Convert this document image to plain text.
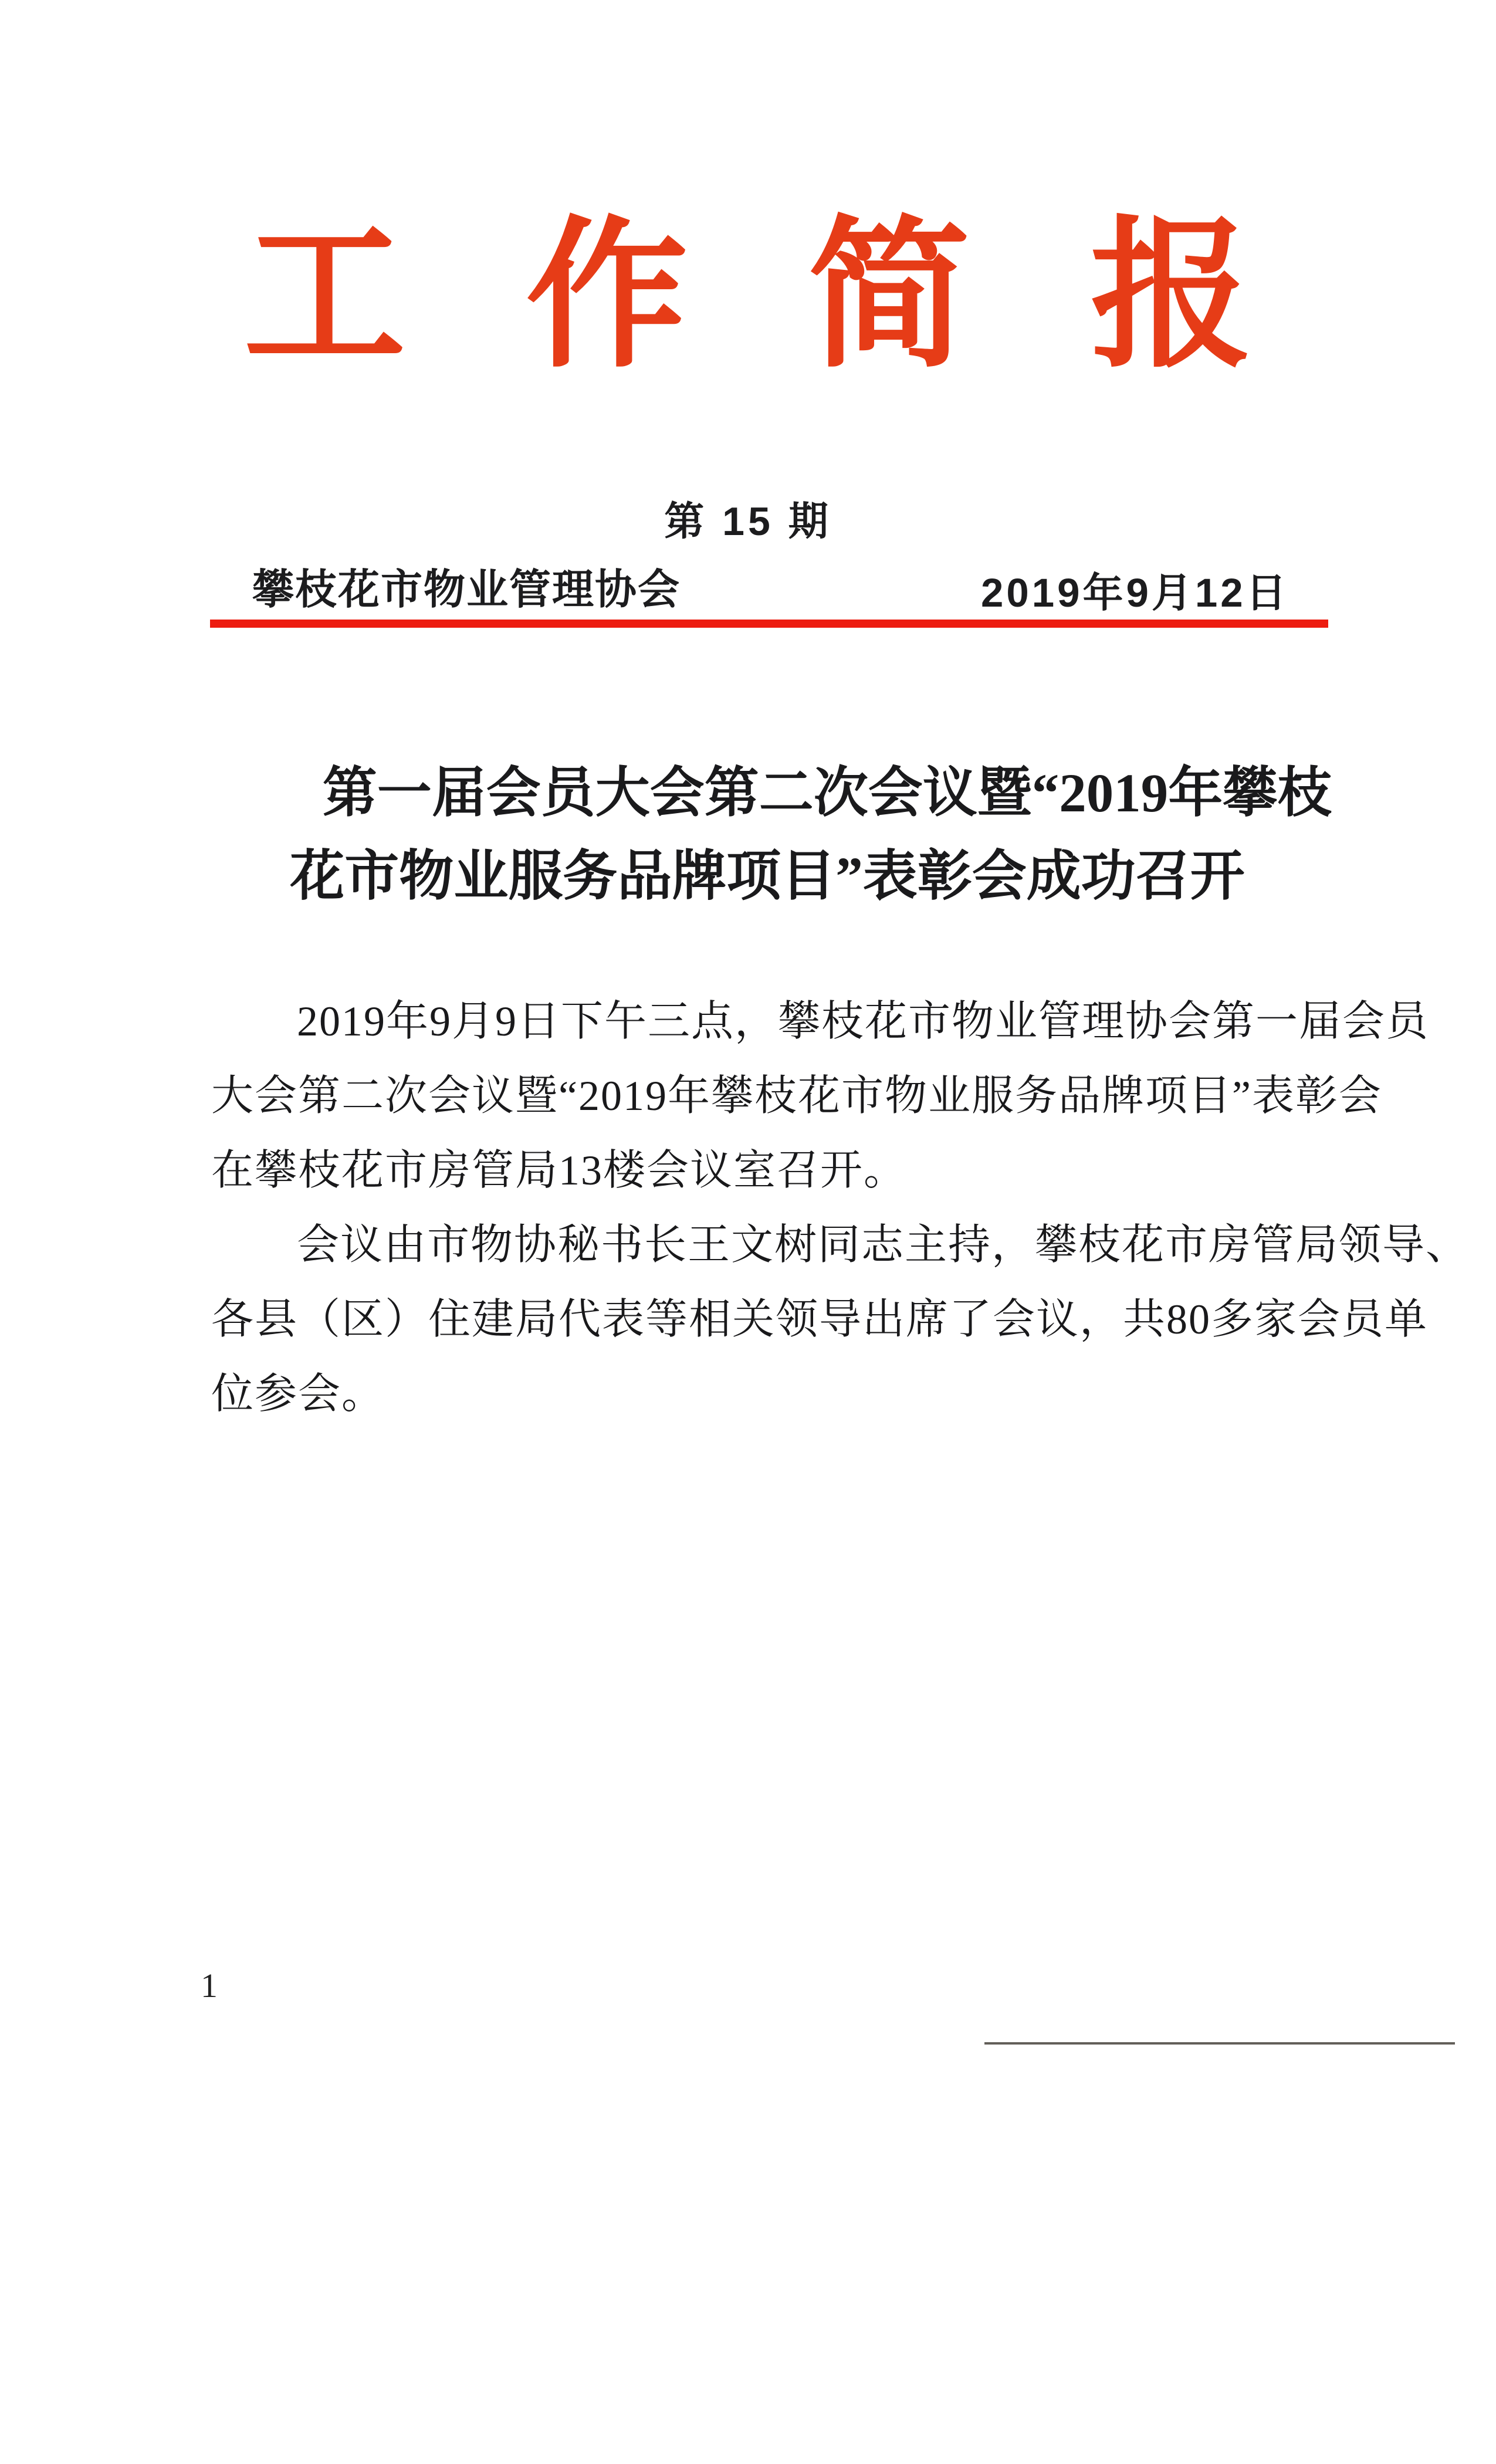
工 作 简 报
第 15 期
攀枝花市物业管理协会	2019年9月12日
第一届会员大会第二次会议暨“2019年攀枝
花市物业服务品牌项目”表彰会成功召开
2019年9月9日下午三点，攀枝花市物业管理协会第一届会员
大会第二次会议暨“2019年攀枝花市物业服务品牌项目”表彰会
在攀枝花市房管局13楼会议室召开。
会议由市物协秘书长王文树同志主持，攀枝花市房管局领导、
各县（区）住建局代表等相关领导出席了会议，共80多家会员单
位参会。
1
